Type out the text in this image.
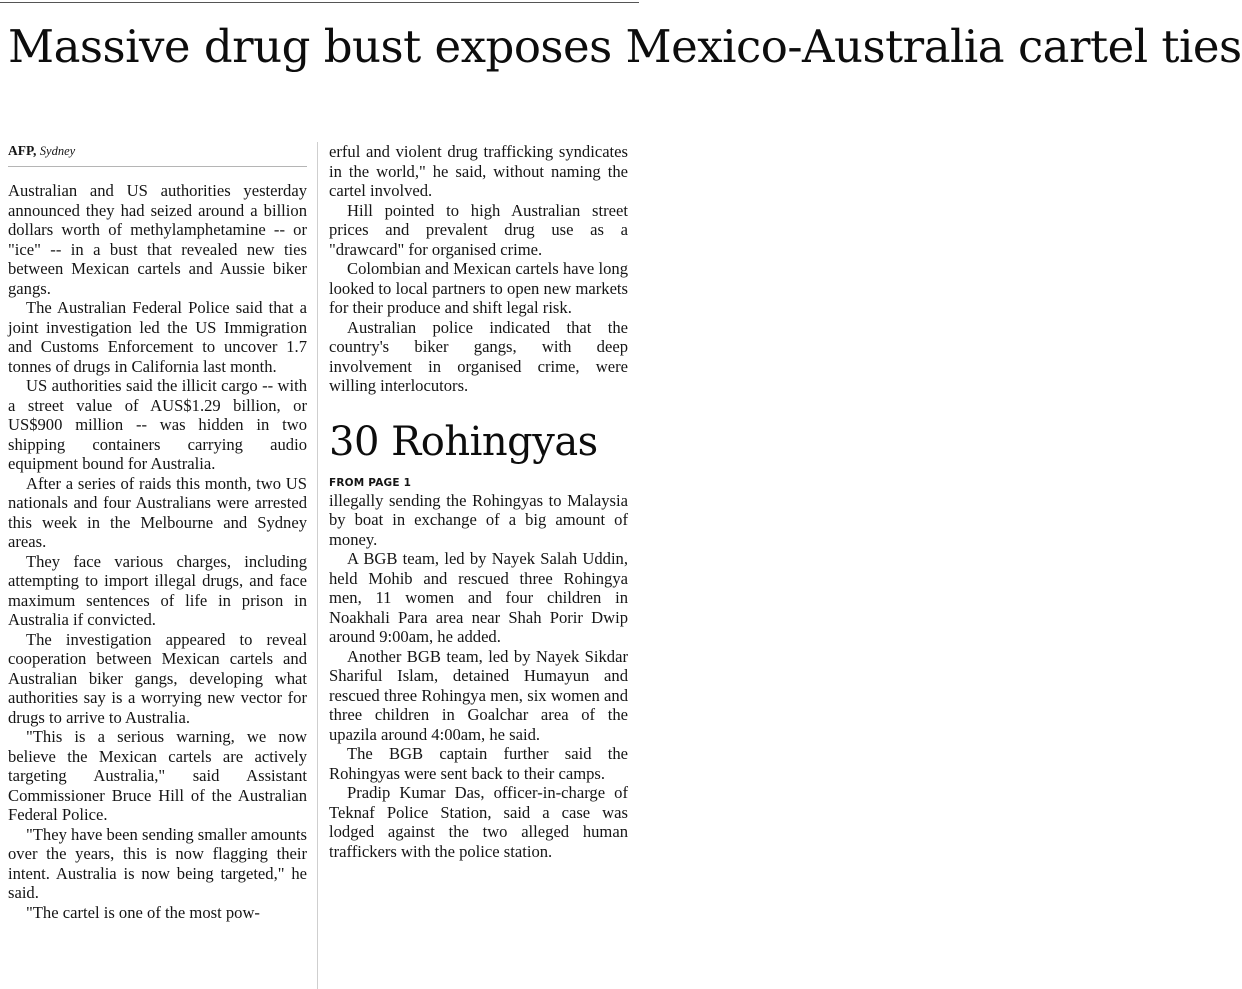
Massive drug bust exposes Mexico-Australia cartel ties
AFP, Sydney

Australian and US authorities yesterday announced they had seized around a billion dollars worth of methylamphetamine -- or "ice" -- in a bust that revealed new ties between Mexican cartels and Aussie biker gangs.

The Australian Federal Police said that a joint investigation led the US Immigration and Customs Enforcement to uncover 1.7 tonnes of drugs in California last month.

US authorities said the illicit cargo -- with a street value of AUS$1.29 billion, or US$900 million -- was hidden in two shipping containers carrying audio equipment bound for Australia.

After a series of raids this month, two US nationals and four Australians were arrested this week in the Melbourne and Sydney areas.

They face various charges, including attempting to import illegal drugs, and face maximum sentences of life in prison in Australia if convicted.

The investigation appeared to reveal cooperation between Mexican cartels and Australian biker gangs, developing what authorities say is a worrying new vector for drugs to arrive to Australia.

"This is a serious warning, we now believe the Mexican cartels are actively targeting Australia," said Assistant Commissioner Bruce Hill of the Australian Federal Police.

"They have been sending smaller amounts over the years, this is now flagging their intent. Australia is now being targeted," he said.

"The cartel is one of the most pow-

erful and violent drug trafficking syndicates in the world," he said, without naming the cartel involved.

Hill pointed to high Australian street prices and prevalent drug use as a "drawcard" for organised crime.

Colombian and Mexican cartels have long looked to local partners to open new markets for their produce and shift legal risk.

Australian police indicated that the country's biker gangs, with deep involvement in organised crime, were willing interlocutors.

30 Rohingyas
FROM PAGE 1

illegally sending the Rohingyas to Malaysia by boat in exchange of a big amount of money.

A BGB team, led by Nayek Salah Uddin, held Mohib and rescued three Rohingya men, 11 women and four children in Noakhali Para area near Shah Porir Dwip around 9:00am, he added.

Another BGB team, led by Nayek Sikdar Shariful Islam, detained Humayun and rescued three Rohingya men, six women and three children in Goalchar area of the upazila around 4:00am, he said.

The BGB captain further said the Rohingyas were sent back to their camps.

Pradip Kumar Das, officer-in-charge of Teknaf Police Station, said a case was lodged against the two alleged human traffickers with the police station.
